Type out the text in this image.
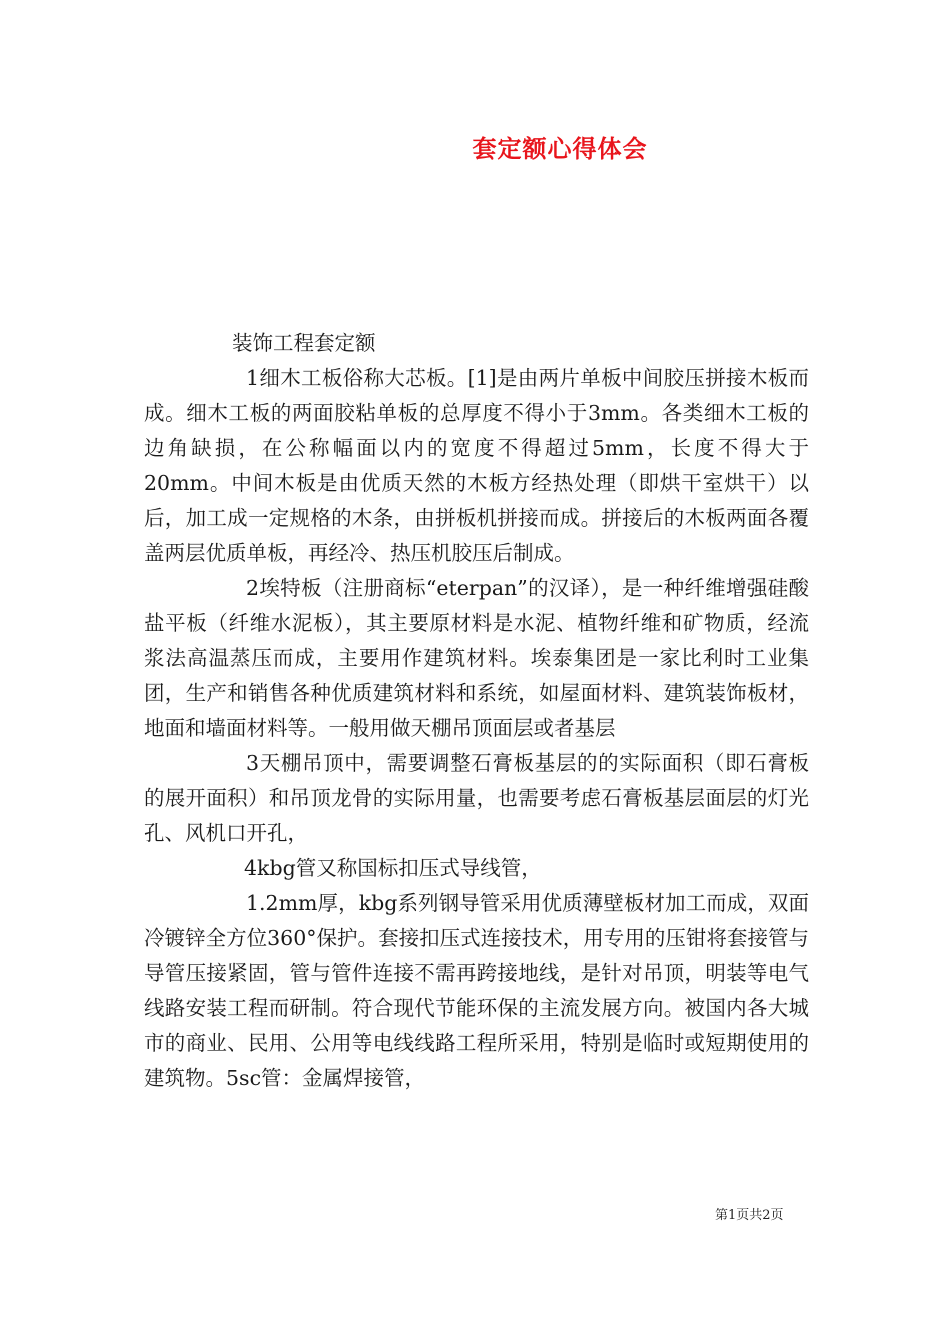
套定额心得体会

装饰工程套定额

1细木工板俗称大芯板。[1]是由两片单板中间胶压拼接木板而成。细木工板的两面胶粘单板的总厚度不得小于3mm。各类细木工板的边角缺损，在公称幅面以内的宽度不得超过5mm，长度不得大于20mm。中间木板是由优质天然的木板方经热处理（即烘干室烘干）以后，加工成一定规格的木条，由拼板机拼接而成。拼接后的木板两面各覆盖两层优质单板，再经冷、热压机胶压后制成。

2埃特板（注册商标“eterpan”的汉译），是一种纤维增强硅酸盐平板（纤维水泥板），其主要原材料是水泥、植物纤维和矿物质，经流浆法高温蒸压而成，主要用作建筑材料。埃泰集团是一家比利时工业集团，生产和销售各种优质建筑材料和系统，如屋面材料、建筑装饰板材，地面和墙面材料等。一般用做天棚吊顶面层或者基层

3天棚吊顶中，需要调整石膏板基层的的实际面积（即石膏板的展开面积）和吊顶龙骨的实际用量，也需要考虑石膏板基层面层的灯光孔、风机口开孔，

4kbg管又称国标扣压式导线管，

1.2mm厚，kbg系列钢导管采用优质薄壁板材加工而成，双面冷镀锌全方位360°保护。套接扣压式连接技术，用专用的压钳将套接管与导管压接紧固，管与管件连接不需再跨接地线，是针对吊顶，明装等电气线路安装工程而研制。符合现代节能环保的主流发展方向。被国内各大城市的商业、民用、公用等电线线路工程所采用，特别是临时或短期使用的建筑物。5sc管：金属焊接管，

第1页共2页
